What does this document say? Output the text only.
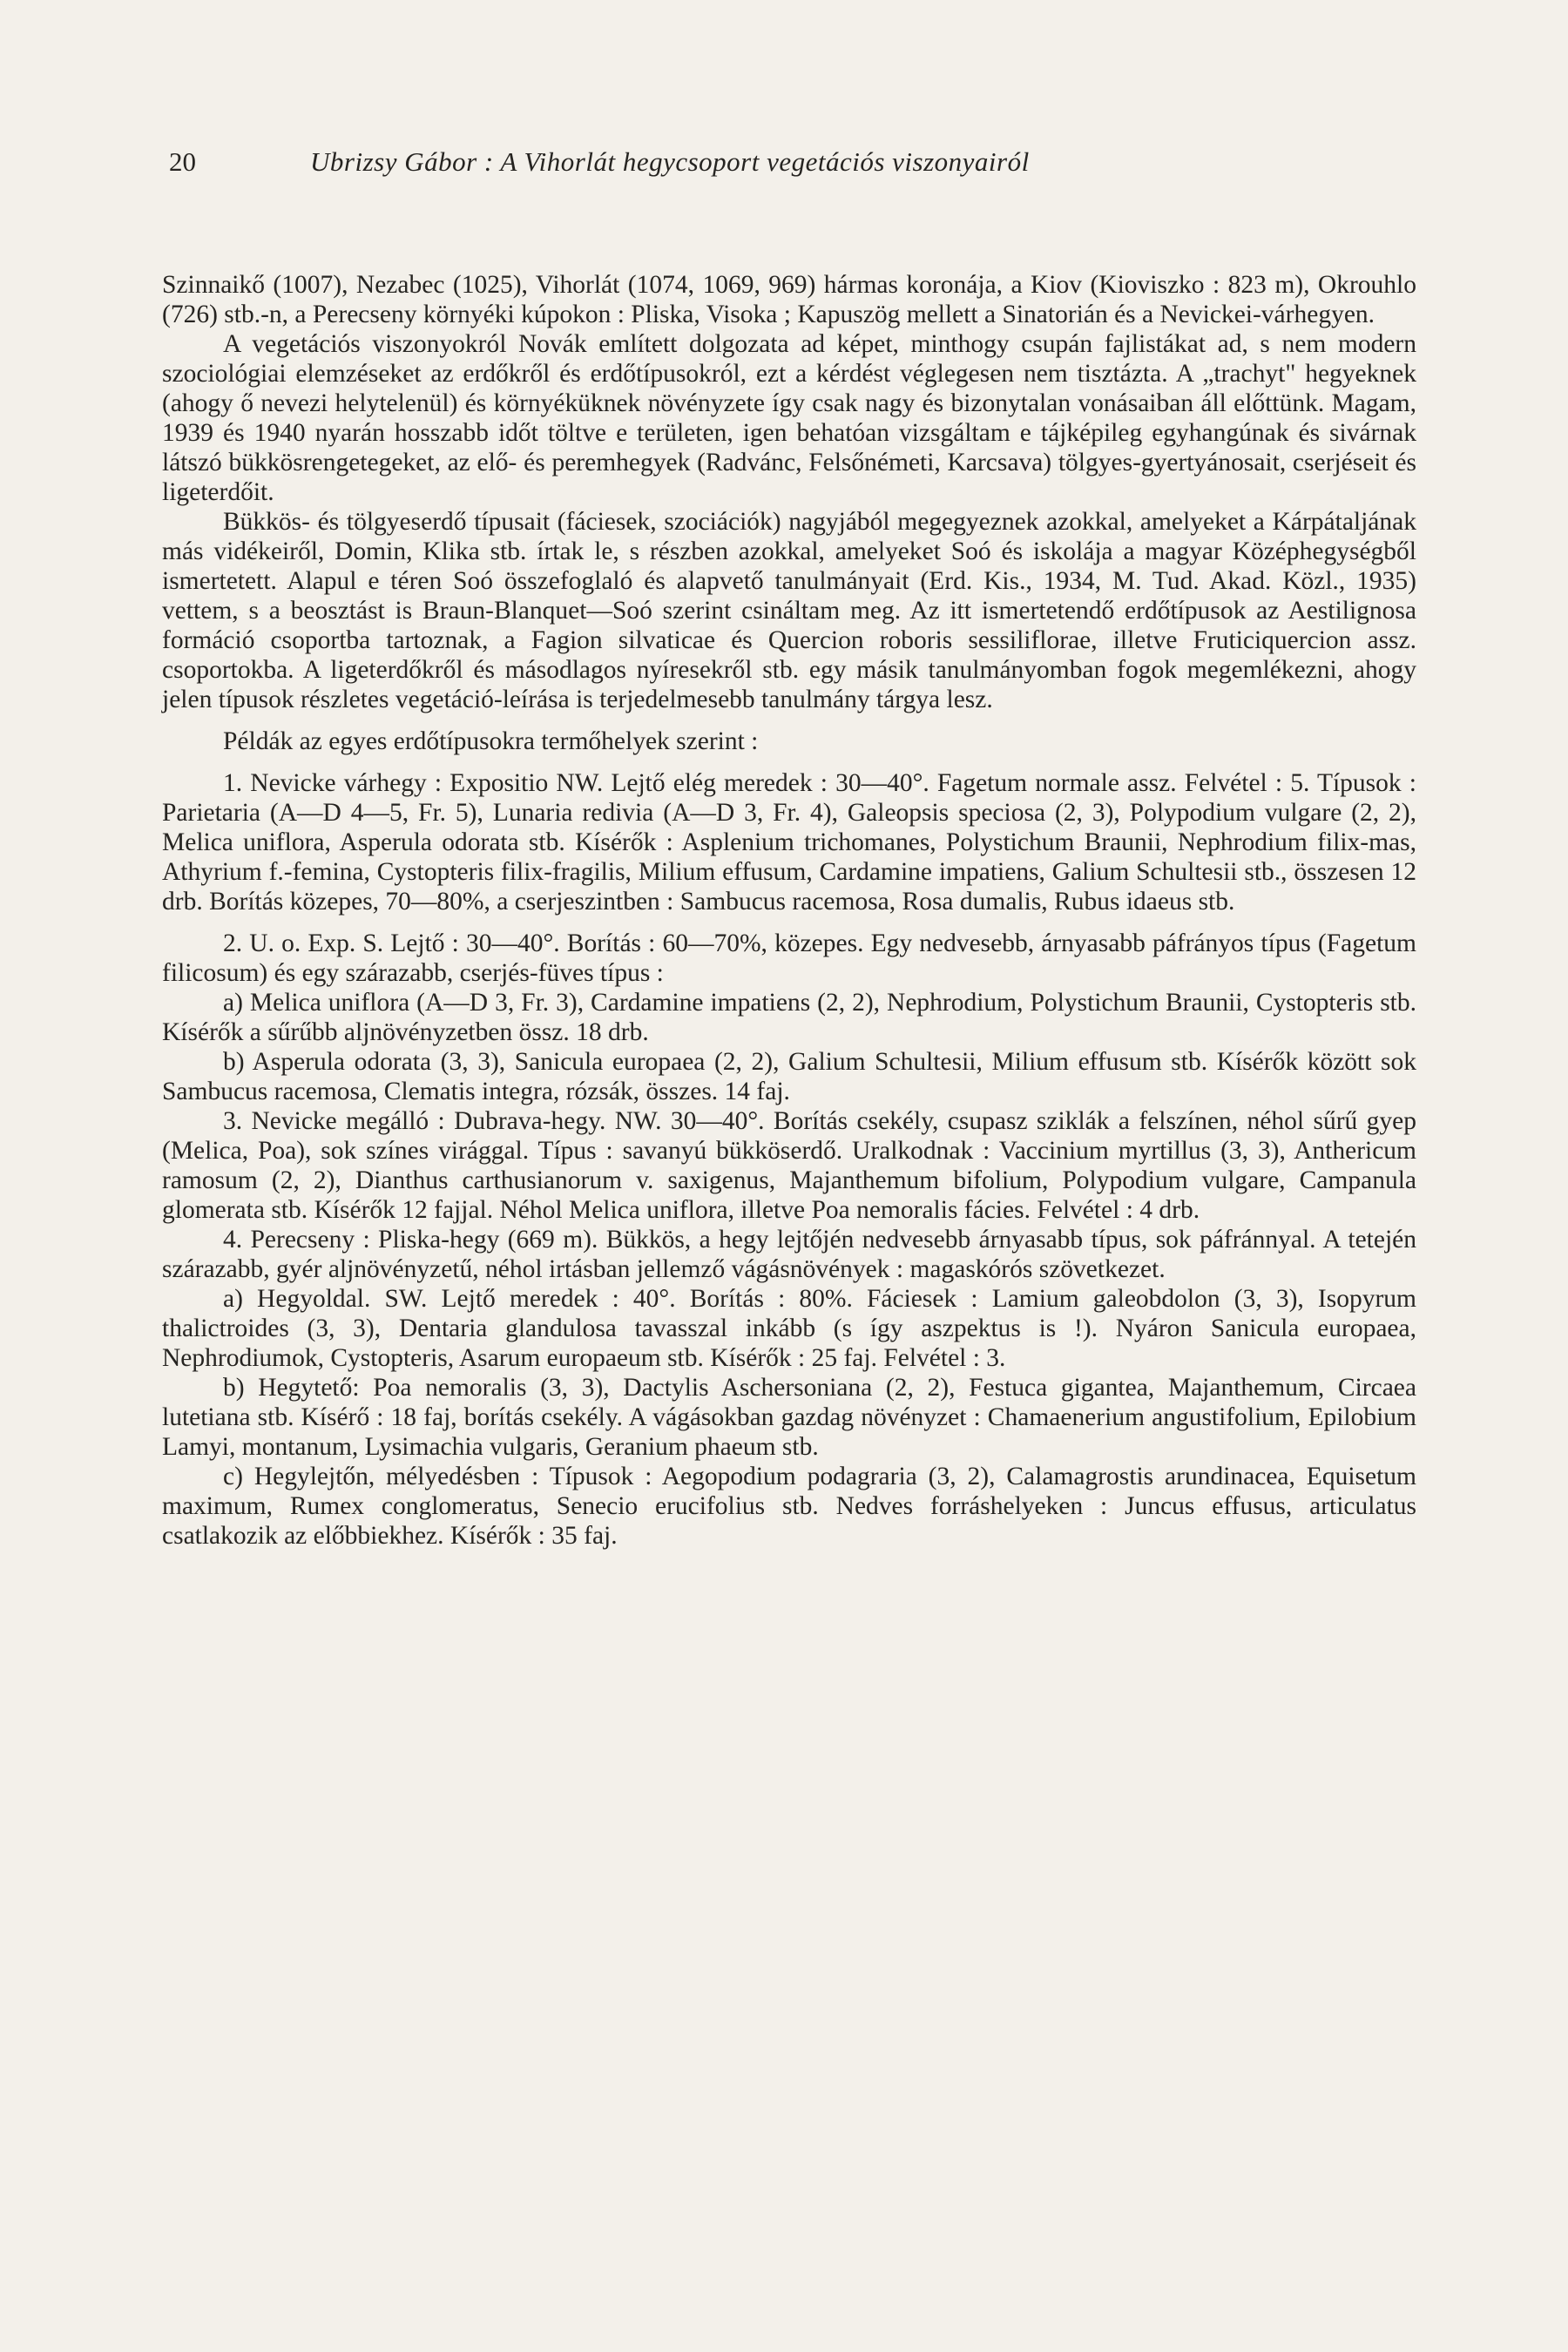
20	Ubrizsy Gábor : A Vihorlát hegycsoport vegetációs viszonyairól

Szinnaikő (1007), Nezabec (1025), Vihorlát (1074, 1069, 969) hármas koronája, a Kiov (Kioviszko : 823 m), Okrouhlo (726) stb.-n, a Perecseny környéki kúpokon : Pliska, Visoka ; Kapuszög mellett a Sinatorián és a Nevickei-várhegyen.

A vegetációs viszonyokról Novák említett dolgozata ad képet, minthogy csupán fajlistákat ad, s nem modern szociológiai elemzéseket az erdőkről és erdőtípusokról, ezt a kérdést véglegesen nem tisztázta. A „trachyt" hegyeknek (ahogy ő nevezi helytelenül) és környéküknek növényzete így csak nagy és bizonytalan vonásaiban áll előttünk. Magam, 1939 és 1940 nyarán hosszabb időt töltve e területen, igen behatóan vizsgáltam e tájképileg egyhangúnak és sivárnak látszó bükkösrengetegeket, az elő- és peremhegyek (Radvánc, Felsőnémeti, Karcsava) tölgyes-gyertyánosait, cserjéseit és ligeterdőit.

Bükkös- és tölgyeserdő típusait (fáciesek, szociációk) nagyjából megegyeznek azokkal, amelyeket a Kárpátaljának más vidékeiről, Domin, Klika stb. írtak le, s részben azokkal, amelyeket Soó és iskolája a magyar Középhegységből ismertetett. Alapul e téren Soó összefoglaló és alapvető tanulmányait (Erd. Kis., 1934, M. Tud. Akad. Közl., 1935) vettem, s a beosztást is Braun-Blanquet—Soó szerint csináltam meg. Az itt ismertetendő erdőtípusok az Aestilignosa formáció csoportba tartoznak, a Fagion silvaticae és Quercion roboris sessiliflorae, illetve Fruticiquercion assz. csoportokba. A ligeterdőkről és másodlagos nyíresekről stb. egy másik tanulmányomban fogok megemlékezni, ahogy jelen típusok részletes vegetáció-leírása is terjedelmesebb tanulmány tárgya lesz.

Példák az egyes erdőtípusokra termőhelyek szerint :

1. Nevicke várhegy : Expositio NW. Lejtő elég meredek : 30—40°. Fagetum normale assz. Felvétel : 5. Típusok : Parietaria (A—D 4—5, Fr. 5), Lunaria redivia (A—D 3, Fr. 4), Galeopsis speciosa (2, 3), Polypodium vulgare (2, 2), Melica uniflora, Asperula odorata stb. Kísérők : Asplenium trichomanes, Polystichum Braunii, Nephrodium filix-mas, Athyrium f.-femina, Cystopteris filix-fragilis, Milium effusum, Cardamine impatiens, Galium Schultesii stb., összesen 12 drb. Borítás közepes, 70—80%, a cserjeszintben : Sambucus racemosa, Rosa dumalis, Rubus idaeus stb.

2. U. o. Exp. S. Lejtő : 30—40°. Borítás : 60—70%, közepes. Egy nedvesebb, árnyasabb páfrányos típus (Fagetum filicosum) és egy szárazabb, cserjés-füves típus :

a) Melica uniflora (A—D 3, Fr. 3), Cardamine impatiens (2, 2), Nephrodium, Polystichum Braunii, Cystopteris stb. Kísérők a sűrűbb aljnövényzetben össz. 18 drb.

b) Asperula odorata (3, 3), Sanicula europaea (2, 2), Galium Schultesii, Milium effusum stb. Kísérők között sok Sambucus racemosa, Clematis integra, rózsák, összes. 14 faj.

3. Nevicke megálló : Dubrava-hegy. NW. 30—40°. Borítás csekély, csupasz sziklák a felszínen, néhol sűrű gyep (Melica, Poa), sok színes virággal. Típus : savanyú bükköserdő. Uralkodnak : Vaccinium myrtillus (3, 3), Anthericum ramosum (2, 2), Dianthus carthusianorum v. saxigenus, Majanthemum bifolium, Polypodium vulgare, Campanula glomerata stb. Kísérők 12 fajjal. Néhol Melica uniflora, illetve Poa nemoralis fácies. Felvétel : 4 drb.

4. Perecseny : Pliska-hegy (669 m). Bükkös, a hegy lejtőjén nedvesebb árnyasabb típus, sok páfránnyal. A tetején szárazabb, gyér aljnövényzetű, néhol irtásban jellemző vágásnövények : magaskórós szövetkezet.

a) Hegyoldal. SW. Lejtő meredek : 40°. Borítás : 80%. Fáciesek : Lamium galeobdolon (3, 3), Isopyrum thalictroides (3, 3), Dentaria glandulosa tavasszal inkább (s így aszpektus is !). Nyáron Sanicula europaea, Nephrodiumok, Cystopteris, Asarum europaeum stb. Kísérők : 25 faj. Felvétel : 3.

b) Hegytető: Poa nemoralis (3, 3), Dactylis Aschersoniana (2, 2), Festuca gigantea, Majanthemum, Circaea lutetiana stb. Kísérő : 18 faj, borítás csekély. A vágásokban gazdag növényzet : Chamaenerium angustifolium, Epilobium Lamyi, montanum, Lysimachia vulgaris, Geranium phaeum stb.

c) Hegylejtőn, mélyedésben : Típusok : Aegopodium podagraria (3, 2), Calamagrostis arundinacea, Equisetum maximum, Rumex conglomeratus, Senecio erucifolius stb. Nedves forráshelyeken : Juncus effusus, articulatus csatlakozik az előbbiekhez. Kísérők : 35 faj.
